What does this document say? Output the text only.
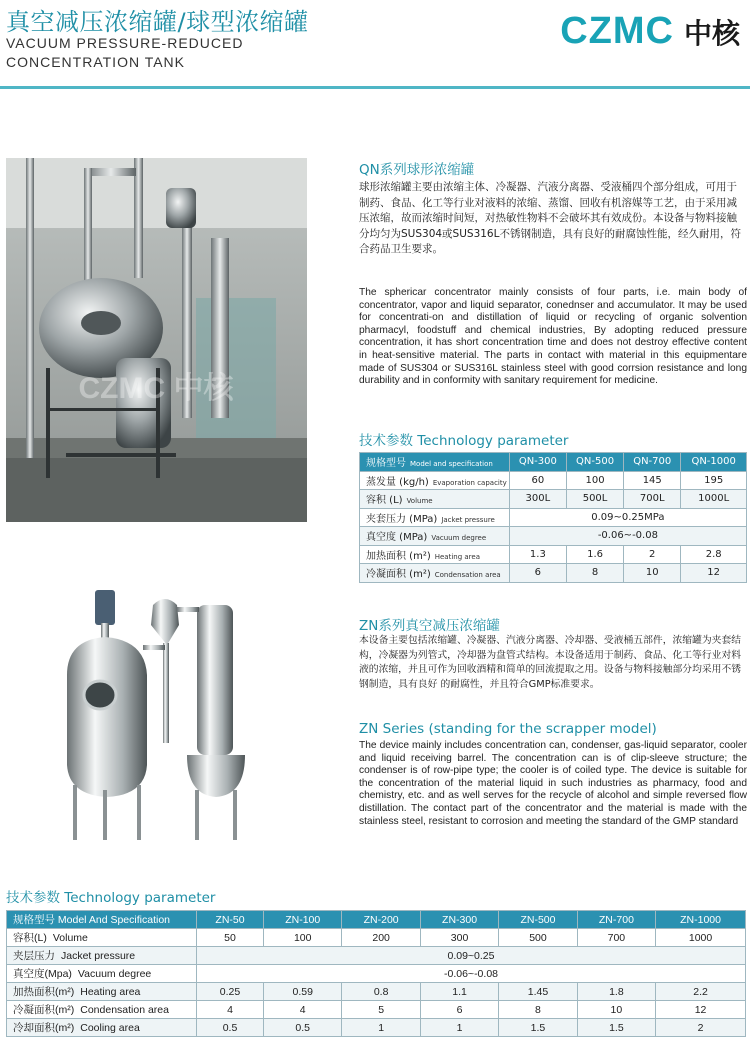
真空减压浓缩罐/球型浓缩罐
VACUUM PRESSURE-REDUCED
CONCENTRATION TANK
CZMC 中核
CZMC 中核
QN系列球形浓缩罐
球形浓缩罐主要由浓缩主体、冷凝器、汽液分离器、受液桶四个部分组成，可用于制药、食品、化工等行业对液料的浓缩、蒸馏、回收有机溶媒等工艺，由于采用减压浓缩，故而浓缩时间短，对热敏性物料不会破坏其有效成份。本设备与物料接触分均匀为SUS304或SUS316L不锈钢制造，具有良好的耐腐蚀性能，经久耐用，符合药品卫生要求。
The sphericar concentrator mainly consists of four parts, i.e. main body of concentrator, vapor and liquid separator, conednser and accumulator. It may be used for concentrati-on and distillation of liquid or recycling of organic solvention pharmacyl, foodstuff and chemical industries, By adopting reduced pressure concentration, it has short concentration time and does not destroy effective content in heat-sensitive material. The parts in contact with material in this equipmentare made of SUS304 or SUS316L stainless steel with good corrsion resistance and long durability and in conformity with sanitary requirement for medicine.
技术参数 Technology parameter
规格型号 Model and specification	QN-300	QN-500	QN-700	QN-1000
蒸发量 (kg/h) Evaporation capacity	60	100	145	195
容积 (L) Volume	300L	500L	700L	1000L
夹套压力 (MPa) Jacket pressure	0.09~0.25MPa			
真空度 (MPa) Vacuum degree	-0.06~-0.08			
加热面积 (m²) Heating area	1.3	1.6	2	2.8
冷凝面积 (m²) Condensation area	6	8	10	12
ZN系列真空减压浓缩罐
本设备主要包括浓缩罐、冷凝器、汽液分离器、冷却器、受液桶五部件，浓缩罐为夹套结构，冷凝器为列管式，冷却器为盘管式结构。本设备适用于制药、食品、化工等行业对料液的浓缩，并且可作为回收酒精和简单的回流提取之用。设备与物料接触部分均采用不锈钢制造，具有良好 的耐腐性，并且符合GMP标准要求。
ZN Series (standing for the scrapper model)
The device mainly includes concentration can, condenser, gas-liquid separator, cooler and liquid receiving barrel. The concentration can is of clip-sleeve structure; the condenser is of row-pipe type; the cooler is of coiled type. The device is suitable for the concentration of the material liquid in such industries as pharmacy, food and chemistry, etc. and as well serves for the recycle of alcohol and simple reversed flow distillation. The contact part of the concentrator and the material is made with the stainless steel, resistant to corrosion and meeting the standard of the GMP standard
技术参数 Technology parameter
规格型号 Model And Specification	ZN-50	ZN-100	ZN-200	ZN-300	ZN-500	ZN-700	ZN-1000
容积(L) Volume	50	100	200	300	500	700	1000
夹层压力 Jacket pressure	0.09~0.25						
真空度(Mpa) Vacuum degree	-0.06~-0.08						
加热面积(m²) Heating area	0.25	0.59	0.8	1.1	1.45	1.8	2.2
冷凝面积(m²) Condensation area	4	4	5	6	8	10	12
冷却面积(m²) Cooling area	0.5	0.5	1	1	1.5	1.5	2
